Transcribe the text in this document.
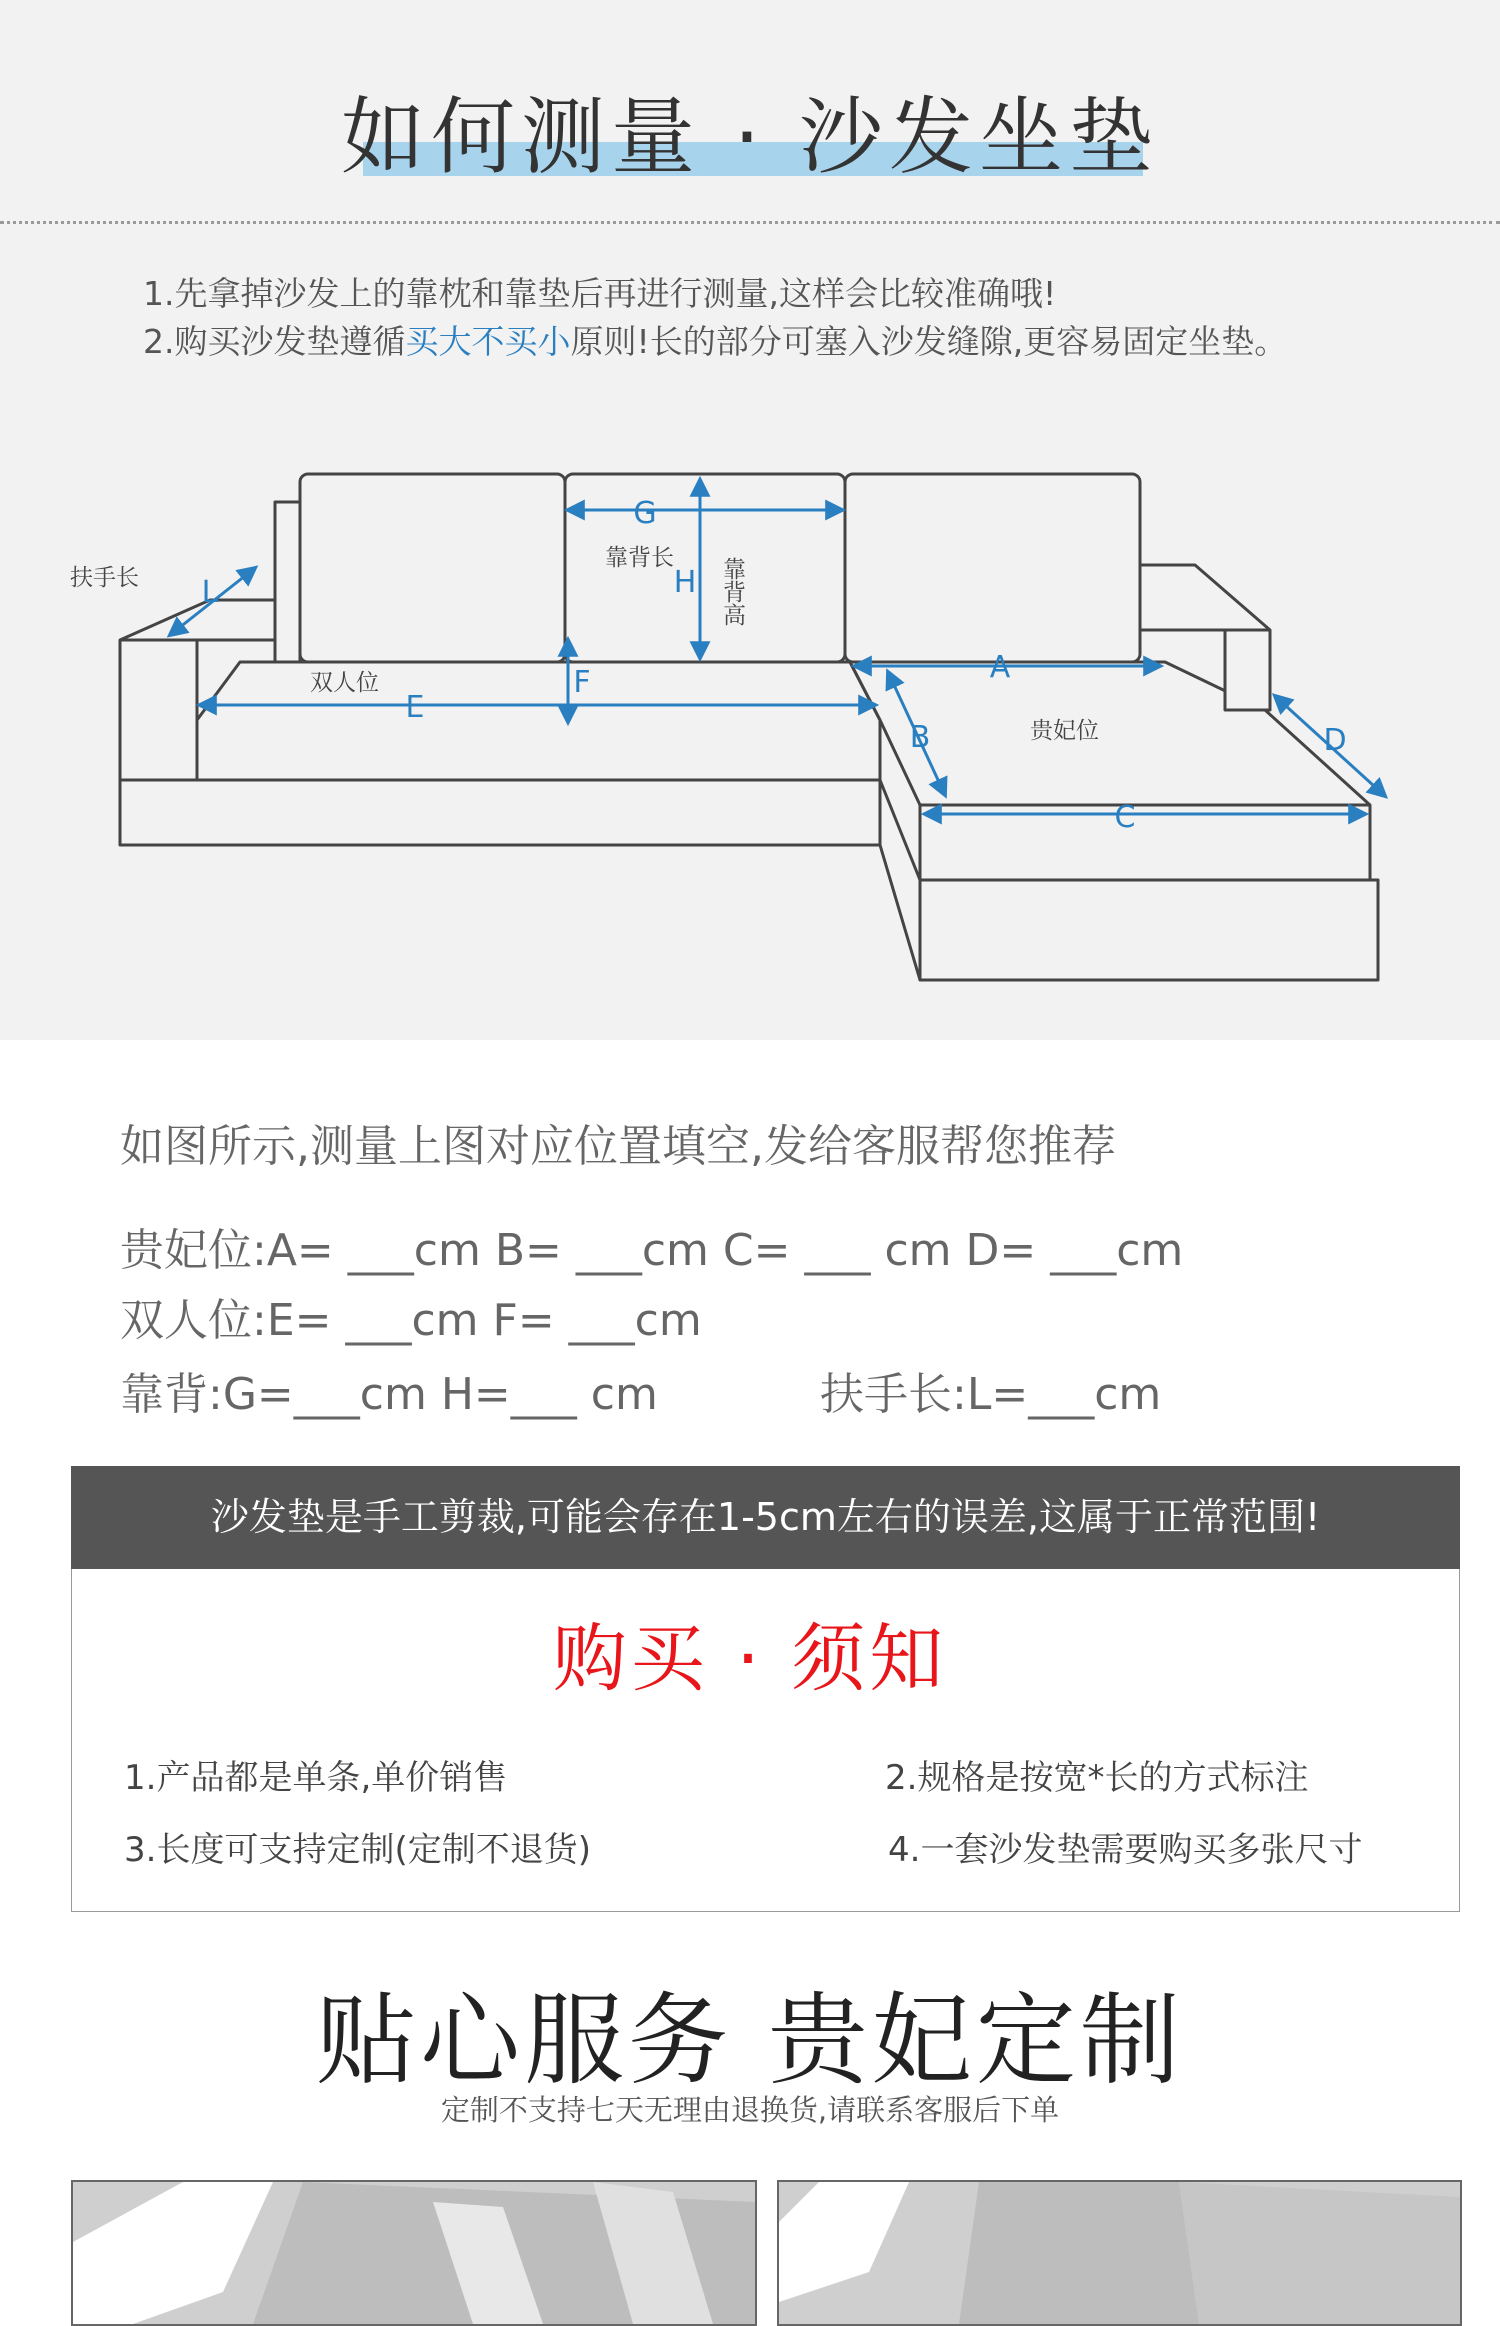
如何测量 · 沙发坐垫
1.先拿掉沙发上的靠枕和靠垫后再进行测量,这样会比较准确哦!
2.购买沙发垫遵循买大不买小原则!长的部分可塞入沙发缝隙,更容易固定坐垫。
G
H
L
F
E
A
B
C
D
扶手长
靠背长
双人位
贵妃位
靠背高
如图所示,测量上图对应位置填空,发给客服帮您推荐
贵妃位:A= ___cm B= ___cm C= ___ cm D= ___cm
双人位:E= ___cm F= ___cm
靠背:G=___cm H=___ cm	扶手长:L=___cm
沙发垫是手工剪裁,可能会存在1-5cm左右的误差,这属于正常范围!
购买 · 须知
1.产品都是单条,单价销售	2.规格是按宽*长的方式标注
3.长度可支持定制(定制不退货)	4.一套沙发垫需要购买多张尺寸
贴心服务 贵妃定制
定制不支持七天无理由退换货,请联系客服后下单
